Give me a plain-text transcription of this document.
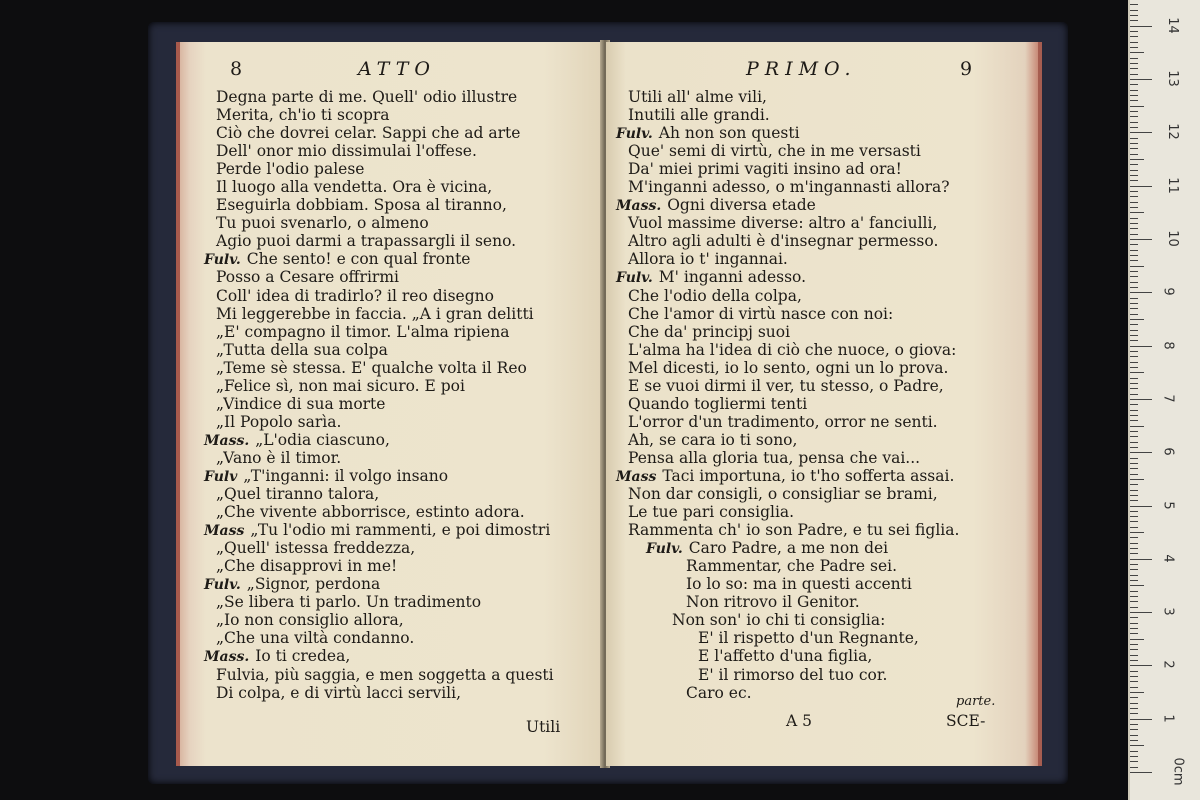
8	ATTO
Degna parte di me. Quell' odio illustre
Merita, ch'io ti scopra
Ciò che dovrei celar. Sappi che ad arte
Dell' onor mio dissimulai l'offese.
Perde l'odio palese
Il luogo alla vendetta. Ora è vicina,
Eseguirla dobbiam. Sposa al tiranno,
Tu puoi svenarlo, o almeno
Agio puoi darmi a trapassargli il seno.
Fulv. Che sento! e con qual fronte
Posso a Cesare offrirmi
Coll' idea di tradirlo? il reo disegno
Mi leggerebbe in faccia. „A i gran delitti
„E' compagno il timor. L'alma ripiena
„Tutta della sua colpa
„Teme sè stessa. E' qualche volta il Reo
„Felice sì, non mai sicuro. E poi
„Vindice di sua morte
„Il Popolo sarìa.
Mass. „L'odia ciascuno,
„Vano è il timor.
Fulv „T'inganni: il volgo insano
„Quel tiranno talora,
„Che vivente abborrisce, estinto adora.
Mass „Tu l'odio mi rammenti, e poi dimostri
„Quell' istessa freddezza,
„Che disapprovi in me!
Fulv. „Signor, perdona
„Se libera ti parlo. Un tradimento
„Io non consiglio allora,
„Che una viltà condanno.
Mass. Io ti credea,
Fulvia, più saggia, e men soggetta a questi
Di colpa, e di virtù lacci servili,
Utili
PRIMO.	9
Utili all' alme vili,
Inutili alle grandi.
Fulv. Ah non son questi
Que' semi di virtù, che in me versasti
Da' miei primi vagiti insino ad ora!
M'inganni adesso, o m'ingannasti allora?
Mass. Ogni diversa etade
Vuol massime diverse: altro a' fanciulli,
Altro agli adulti è d'insegnar permesso.
Allora io t' ingannai.
Fulv. M' inganni adesso.
Che l'odio della colpa,
Che l'amor di virtù nasce con noi:
Che da' principj suoi
L'alma ha l'idea di ciò che nuoce, o giova:
Mel dicesti, io lo sento, ogni un lo prova.
E se vuoi dirmi il ver, tu stesso, o Padre,
Quando togliermi tenti
L'orror d'un tradimento, orror ne senti.
Ah, se cara io ti sono,
Pensa alla gloria tua, pensa che vai...
Mass Taci importuna, io t'ho sofferta assai.
Non dar consigli, o consigliar se brami,
Le tue pari consiglia.
Rammenta ch' io son Padre, e tu sei figlia.
Fulv. Caro Padre, a me non dei
Rammentar, che Padre sei.
Io lo so: ma in questi accenti
Non ritrovo il Genitor.
Non son' io chi ti consiglia:
E' il rispetto d'un Regnante,
E l'affetto d'una figlia,
E' il rimorso del tuo cor.
Caro ec.	parte.
A 5	SCE-
0cm
1
2
3
4
5
6
7
8
9
10
11
12
13
14
